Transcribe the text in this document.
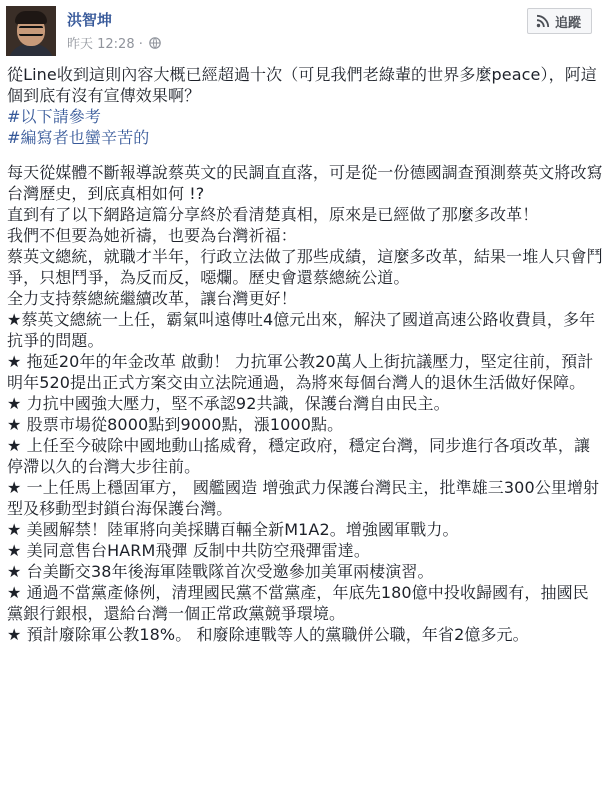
洪智坤
昨天 12:28 ·
追蹤

從Line收到這則內容大概已經超過十次（可見我們老綠輩的世界多麼peace），阿這個到底有沒有宣傳效果啊？

#以下請參考

#編寫者也蠻辛苦的

每天從媒體不斷報導說蔡英文的民調直直落，可是從一份德國調查預測蔡英文將改寫台灣歷史，到底真相如何 !?

直到有了以下網路這篇分享終於看清楚真相，原來是已經做了那麼多改革！

我們不但要為她祈禱，也要為台灣祈福：

蔡英文總統，就職才半年，行政立法做了那些成績，這麼多改革，結果一堆人只會鬥爭，只想鬥爭，為反而反，噁爛。歷史會還蔡總統公道。

全力支持蔡總統繼續改革，讓台灣更好！

★蔡英文總統一上任，霸氣叫遠傳吐4億元出來，解決了國道高速公路收費員，多年抗爭的問題。

★ 拖延20年的年金改革 啟動！ 力抗軍公教20萬人上街抗議壓力，堅定往前，預計明年520提出正式方案交由立法院通過，為將來每個台灣人的退休生活做好保障。

★ 力抗中國強大壓力，堅不承認92共識，保護台灣自由民主。

★ 股票市場從8000點到9000點，漲1000點。

★ 上任至今破除中國地動山搖威脅，穩定政府，穩定台灣，同步進行各項改革，讓停滯以久的台灣大步往前。

★ 一上任馬上穩固軍方， 國艦國造 增強武力保護台灣民主，批準雄三300公里增射型及移動型封鎖台海保護台灣。

★ 美國解禁！陸軍將向美採購百輛全新M1A2。增強國軍戰力。

★ 美同意售台HARM飛彈 反制中共防空飛彈雷達。

★ 台美斷交38年後海軍陸戰隊首次受邀參加美軍兩棲演習。

★ 通過不當黨產條例，清理國民黨不當黨產，年底先180億中投收歸國有，抽國民黨銀行銀根，還給台灣一個正常政黨競爭環境。

★ 預計廢除軍公教18%。 和廢除連戰等人的黨職併公職，年省2億多元。
